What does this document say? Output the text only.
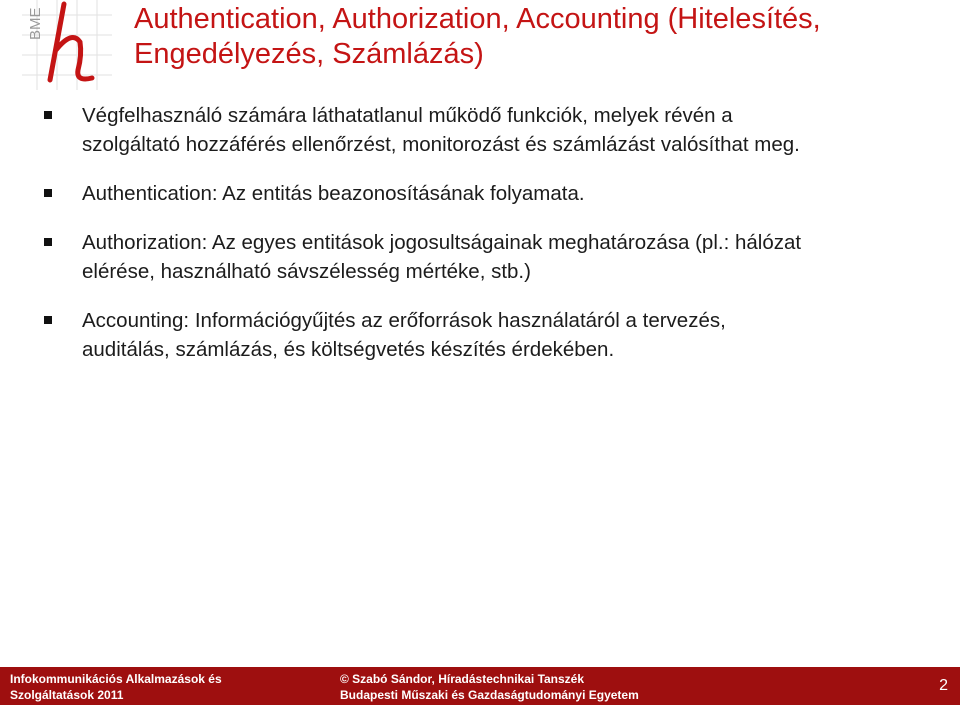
BME	Authentication, Authorization, Accounting (Hitelesítés,
Engedélyezés, Számlázás)
Végfelhasználó számára láthatatlanul működő funkciók, melyek révén a
szolgáltató hozzáférés ellenőrzést, monitorozást és számlázást valósíthat meg.
Authentication: Az entitás beazonosításának folyamata.
Authorization: Az egyes entitások jogosultságainak meghatározása (pl.: hálózat
elérése, használható sávszélesség mértéke, stb.)
Accounting: Információgyűjtés az erőforrások használatáról a tervezés,
auditálás, számlázás, és költségvetés készítés érdekében.
Infokommunikációs Alkalmazások és
Szolgáltatások 2011
© Szabó Sándor, Híradástechnikai Tanszék
Budapesti Műszaki és Gazdaságtudományi Egyetem
2
